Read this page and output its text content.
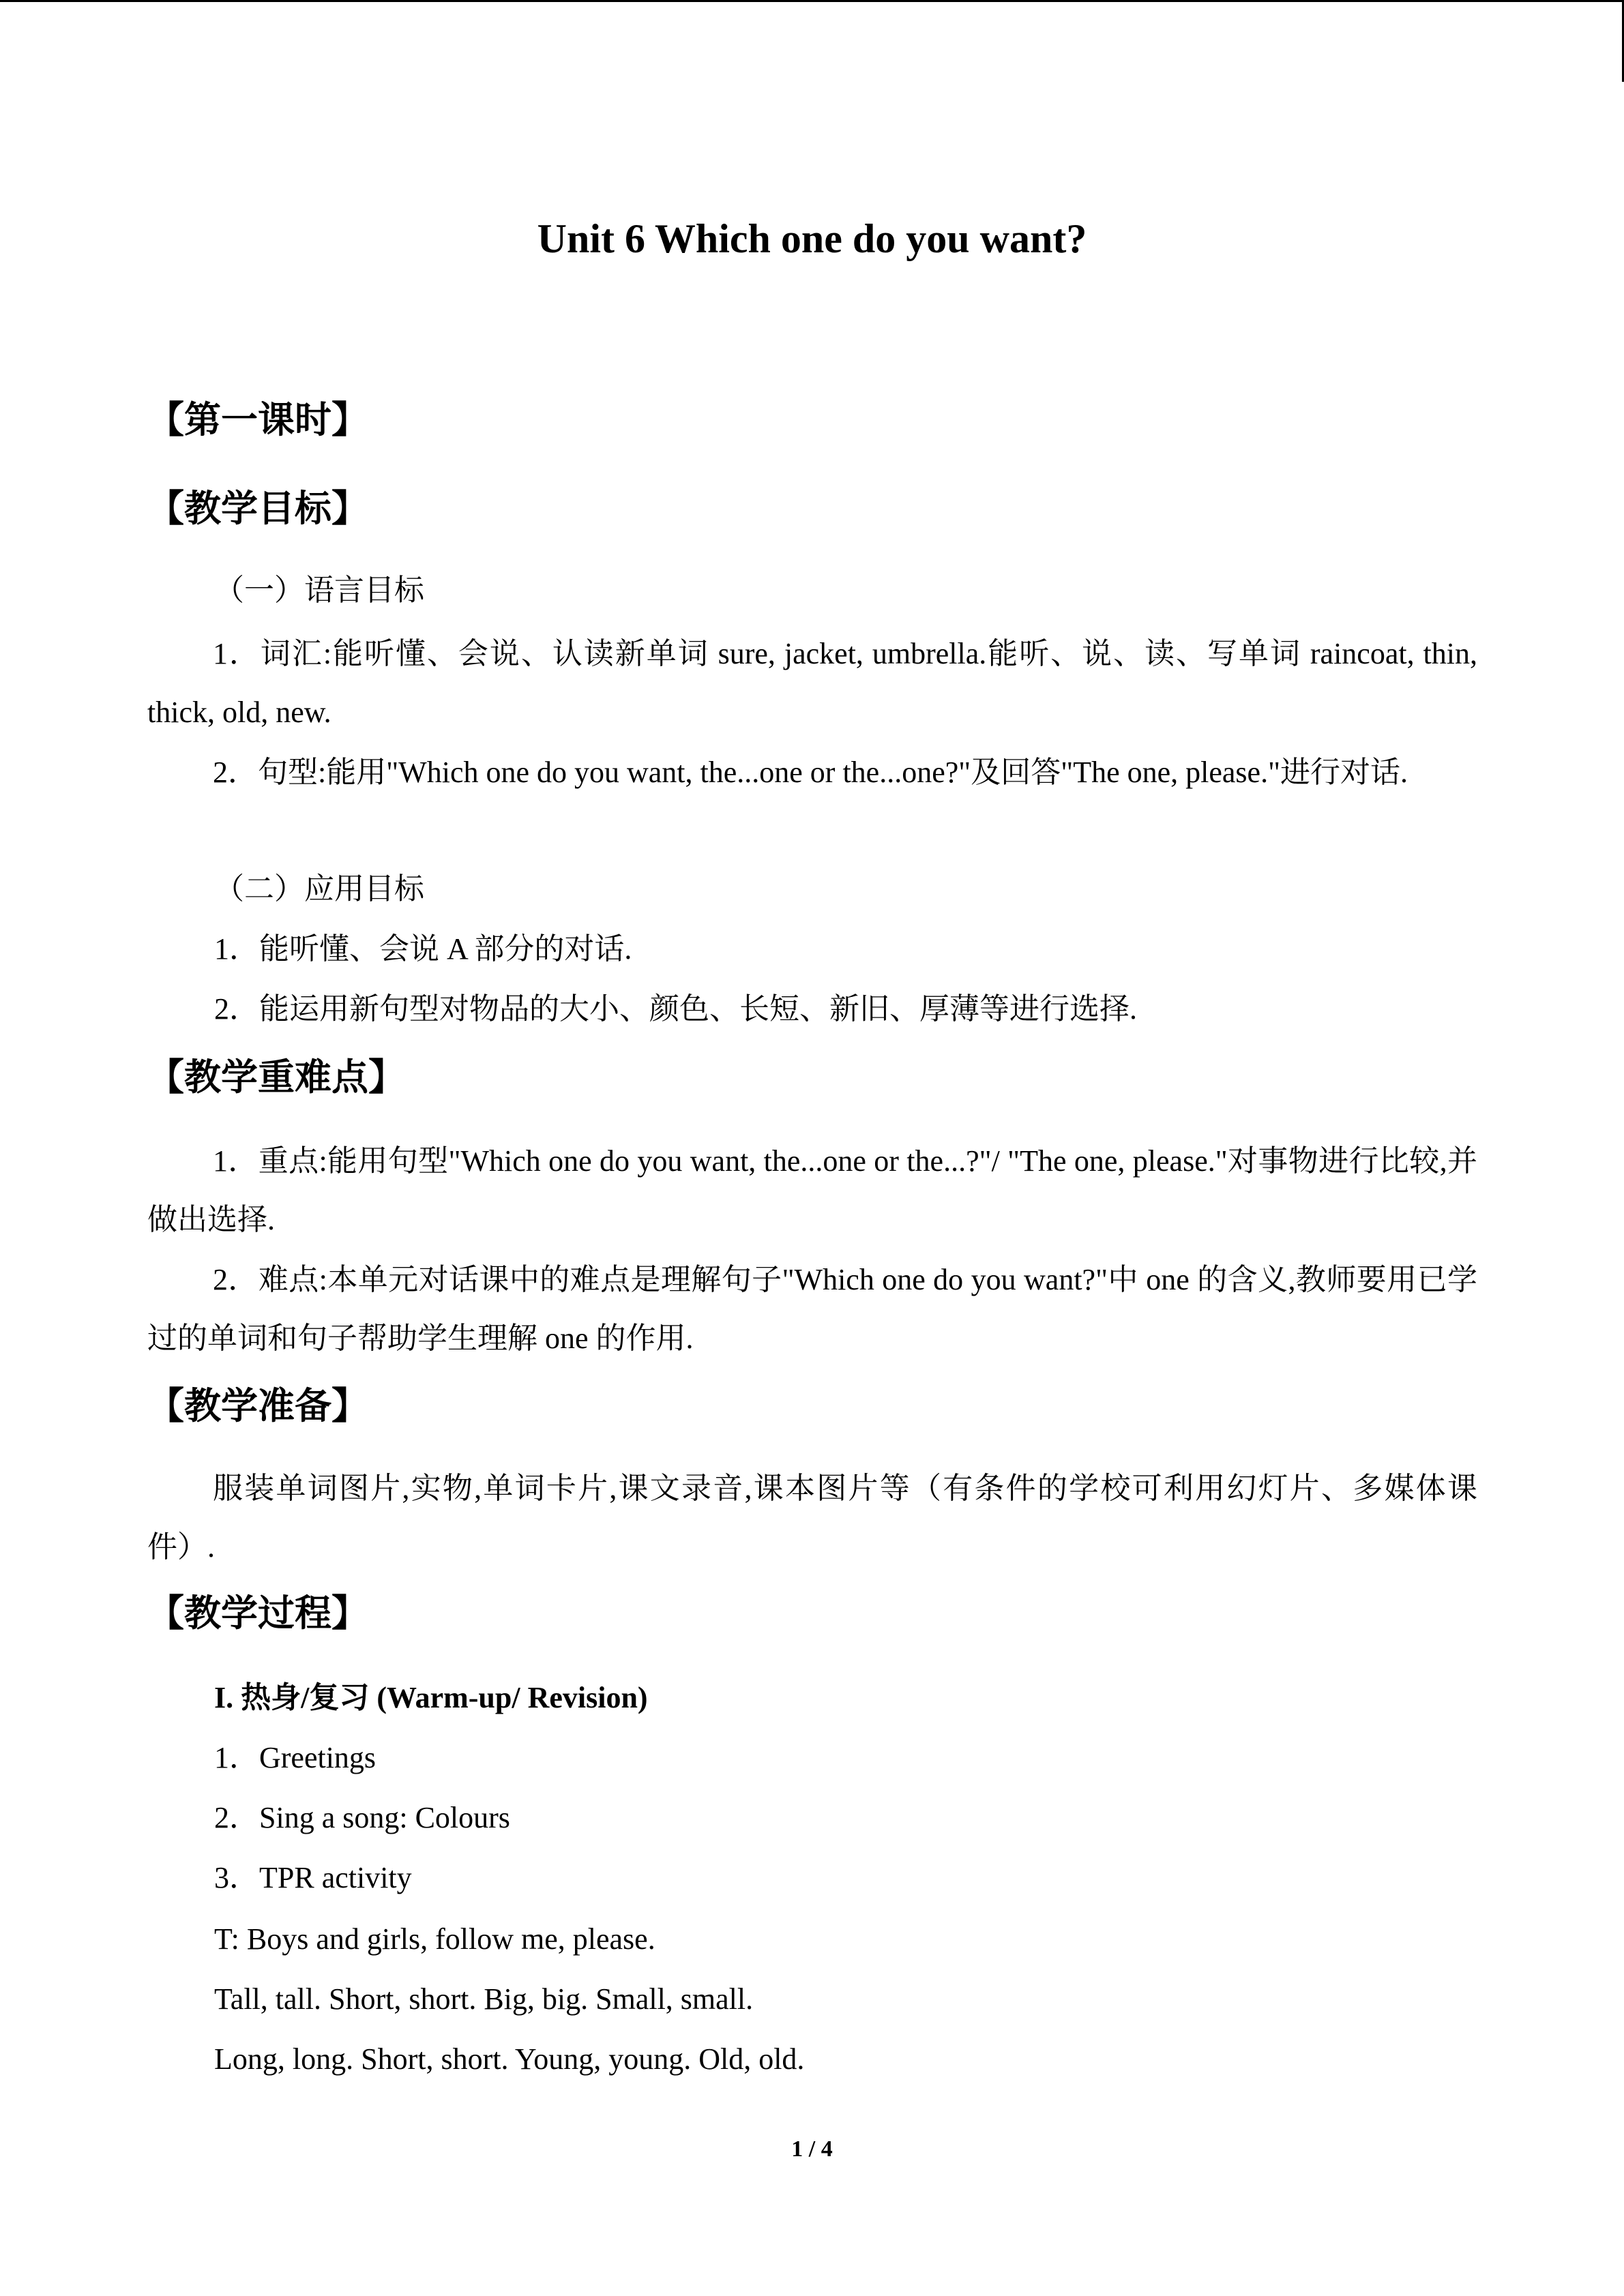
Unit 6 Which one do you want?
【第一课时】
【教学目标】
（一）语言目标
1．词汇:能听懂、会说、认读新单词 sure, jacket, umbrella.能听、说、读、写单词 raincoat, thin, thick, old, new.
2．句型:能用"Which one do you want, the...one or the...one?"及回答"The one, please."进行对话.
（二）应用目标
1．能听懂、会说 A 部分的对话.
2．能运用新句型对物品的大小、颜色、长短、新旧、厚薄等进行选择.
【教学重难点】
1．重点:能用句型"Which one do you want, the...one or the...?"/ "The one, please."对事物进行比较,并做出选择.
2．难点:本单元对话课中的难点是理解句子"Which one do you want?"中 one 的含义,教师要用已学过的单词和句子帮助学生理解 one 的作用.
【教学准备】
服装单词图片,实物,单词卡片,课文录音,课本图片等（有条件的学校可利用幻灯片、多媒体课件）.
【教学过程】
I. 热身/复习 (Warm-up/ Revision)
1．Greetings
2．Sing a song: Colours
3．TPR activity
T: Boys and girls, follow me, please.
Tall, tall. Short, short. Big, big. Small, small.
Long, long. Short, short. Young, young. Old, old.
1 / 4
